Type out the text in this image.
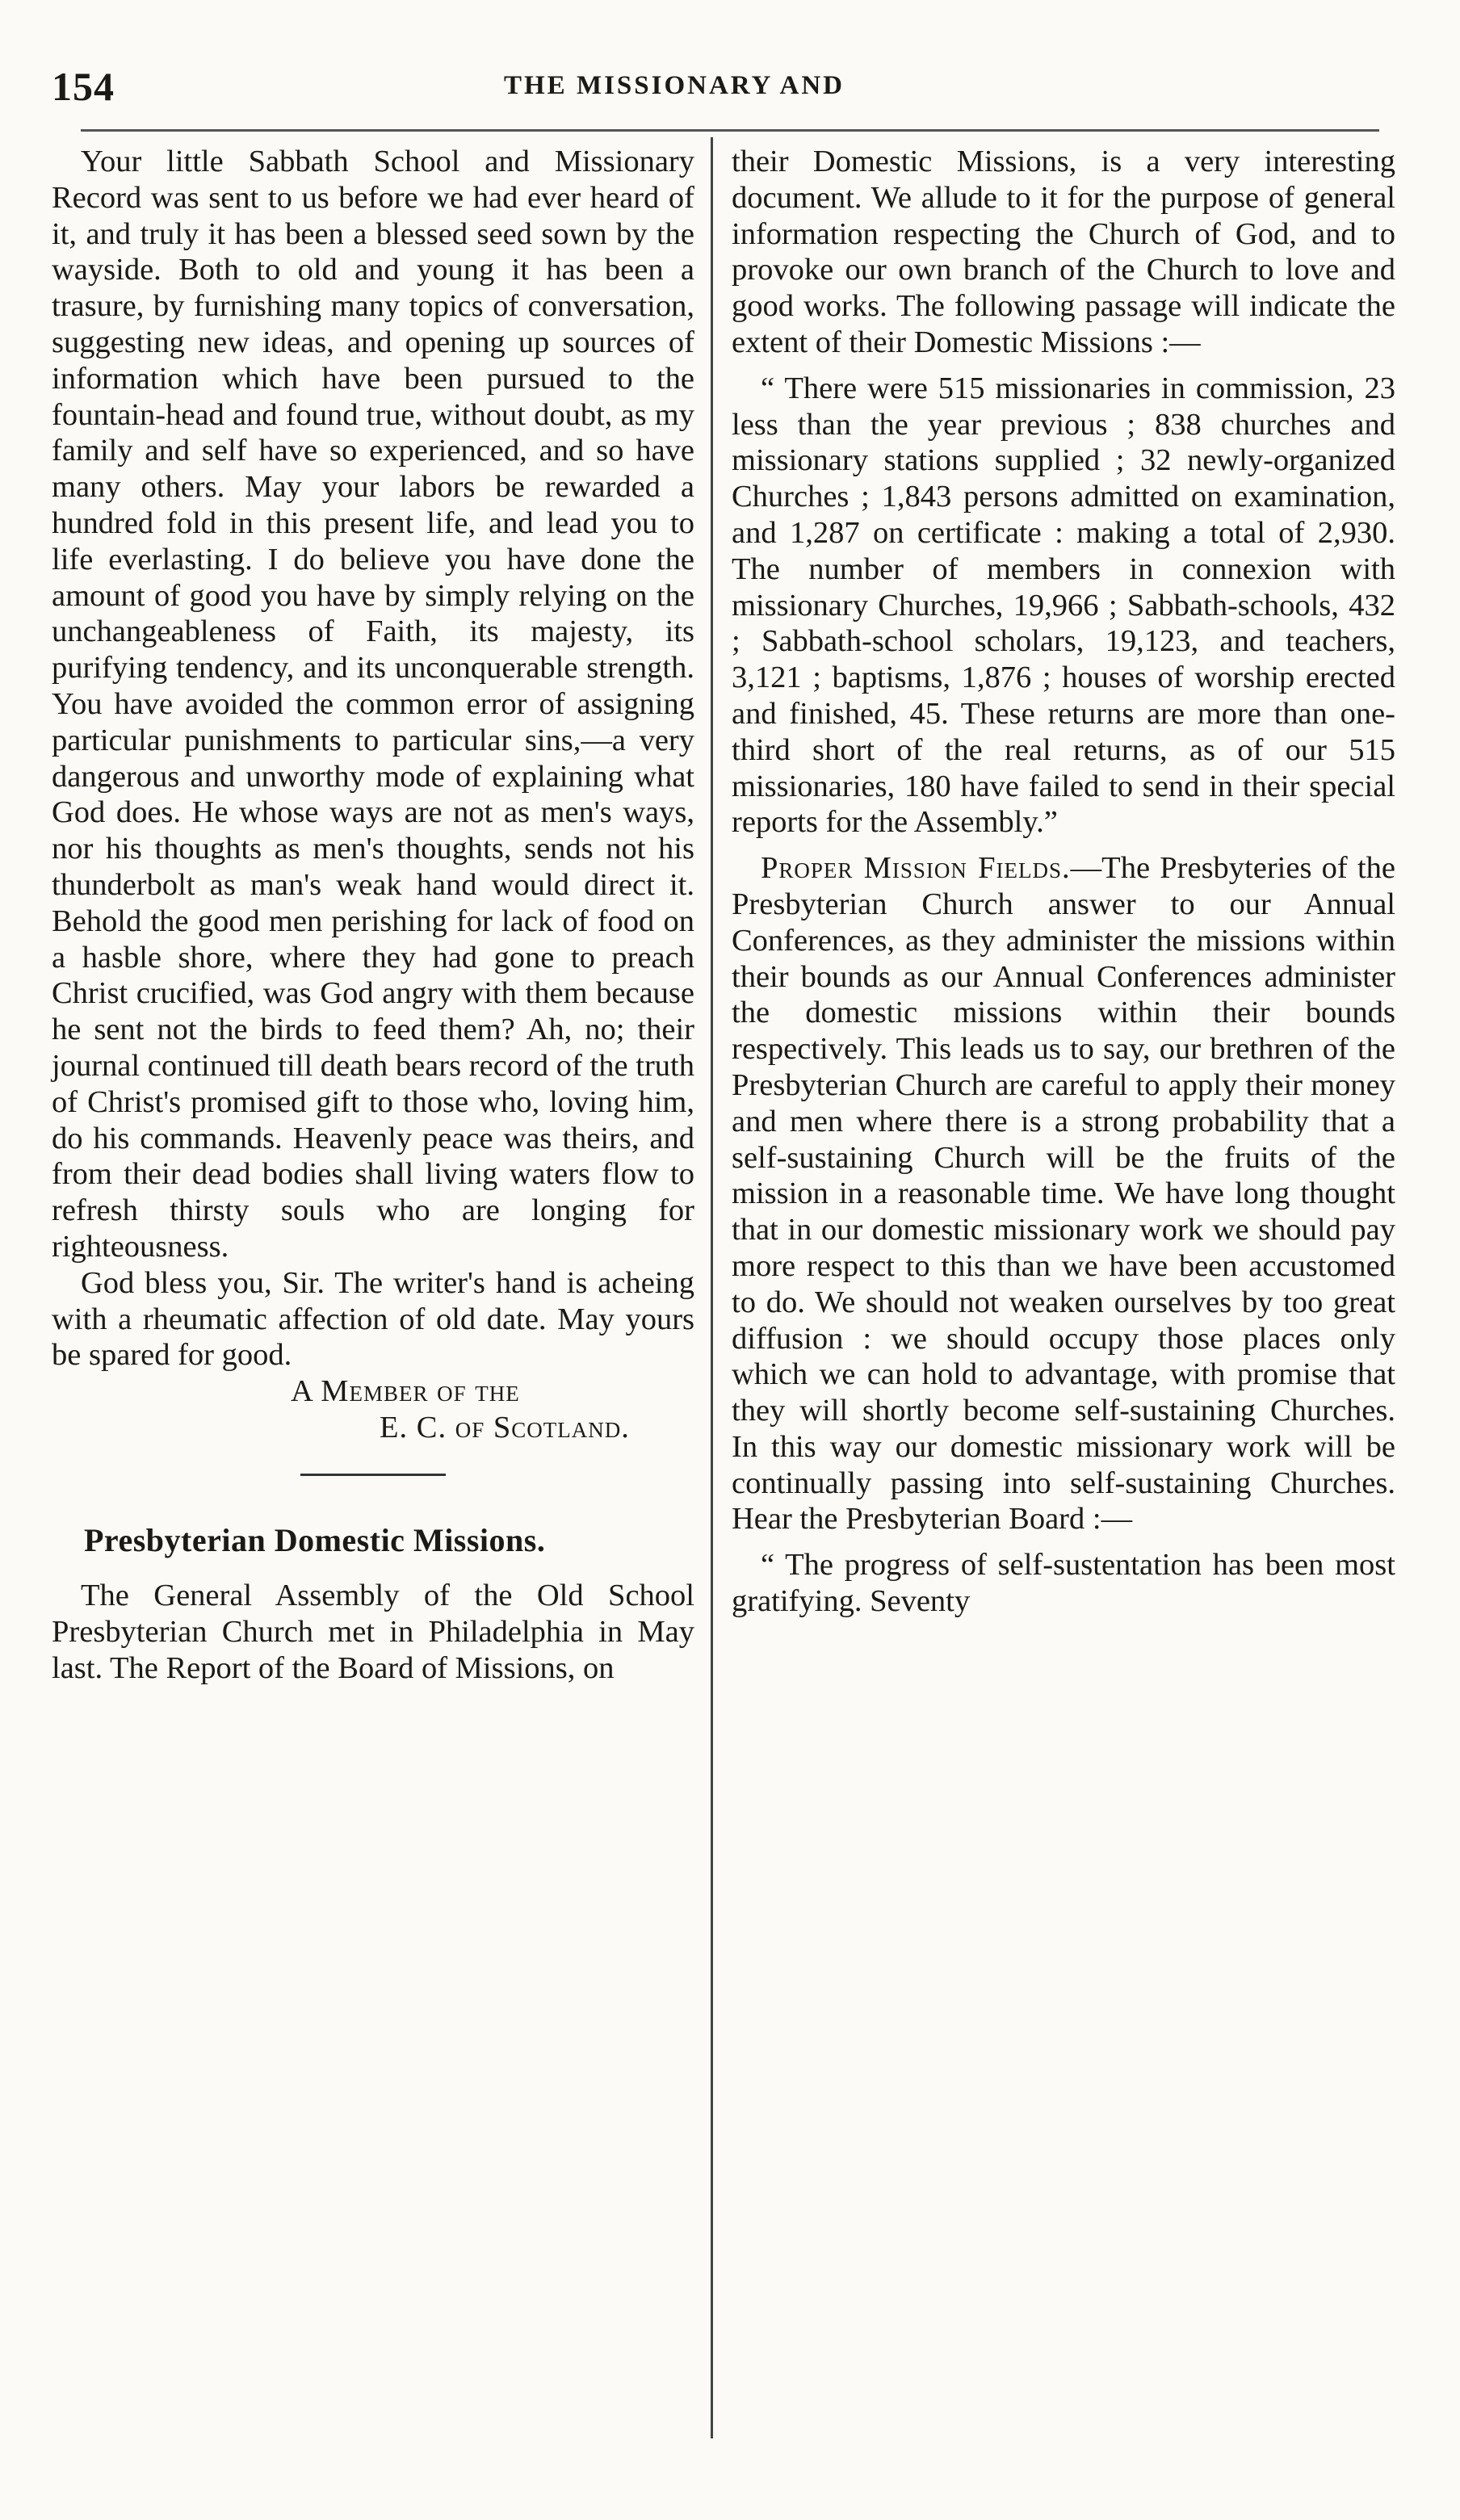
154	THE MISSIONARY AND

Your little Sabbath School and Missionary Record was sent to us before we had ever heard of it, and truly it has been a blessed seed sown by the wayside. Both to old and young it has been a trasure, by furnishing many topics of conversation, suggesting new ideas, and opening up sources of information which have been pursued to the fountain-head and found true, without doubt, as my family and self have so experienced, and so have many others. May your labors be rewarded a hundred fold in this present life, and lead you to life everlasting. I do believe you have done the amount of good you have by simply relying on the unchangeableness of Faith, its majesty, its purifying tendency, and its unconquerable strength. You have avoided the common error of assigning particular punishments to particular sins,—a very dangerous and unworthy mode of explaining what God does. He whose ways are not as men's ways, nor his thoughts as men's thoughts, sends not his thunderbolt as man's weak hand would direct it. Behold the good men perishing for lack of food on a hasble shore, where they had gone to preach Christ crucified, was God angry with them because he sent not the birds to feed them? Ah, no; their journal continued till death bears record of the truth of Christ's promised gift to those who, loving him, do his commands. Heavenly peace was theirs, and from their dead bodies shall living waters flow to refresh thirsty souls who are longing for righteousness.

God bless you, Sir. The writer's hand is acheing with a rheumatic affection of old date. May yours be spared for good.

A Member of the

E. C. of Scotland.

Presbyterian Domestic Missions.

The General Assembly of the Old School Presbyterian Church met in Philadelphia in May last. The Report of the Board of Missions, on

their Domestic Missions, is a very interesting document. We allude to it for the purpose of general information respecting the Church of God, and to provoke our own branch of the Church to love and good works. The following passage will indicate the extent of their Domestic Missions :—

“ There were 515 missionaries in commission, 23 less than the year previous ; 838 churches and missionary stations supplied ; 32 newly-organized Churches ; 1,843 persons admitted on examination, and 1,287 on certificate : making a total of 2,930. The number of members in connexion with missionary Churches, 19,966 ; Sabbath-schools, 432 ; Sabbath-school scholars, 19,123, and teachers, 3,121 ; baptisms, 1,876 ; houses of worship erected and finished, 45. These returns are more than one-third short of the real returns, as of our 515 missionaries, 180 have failed to send in their special reports for the Assembly.”

Proper Mission Fields.—The Presbyteries of the Presbyterian Church answer to our Annual Conferences, as they administer the missions within their bounds as our Annual Conferences administer the domestic missions within their bounds respectively. This leads us to say, our brethren of the Presbyterian Church are careful to apply their money and men where there is a strong probability that a self-sustaining Church will be the fruits of the mission in a reasonable time. We have long thought that in our domestic missionary work we should pay more respect to this than we have been accustomed to do. We should not weaken ourselves by too great diffusion : we should occupy those places only which we can hold to advantage, with promise that they will shortly become self-sustaining Churches. In this way our domestic missionary work will be continually passing into self-sustaining Churches. Hear the Presbyterian Board :—

“ The progress of self-sustentation has been most gratifying. Seventy
